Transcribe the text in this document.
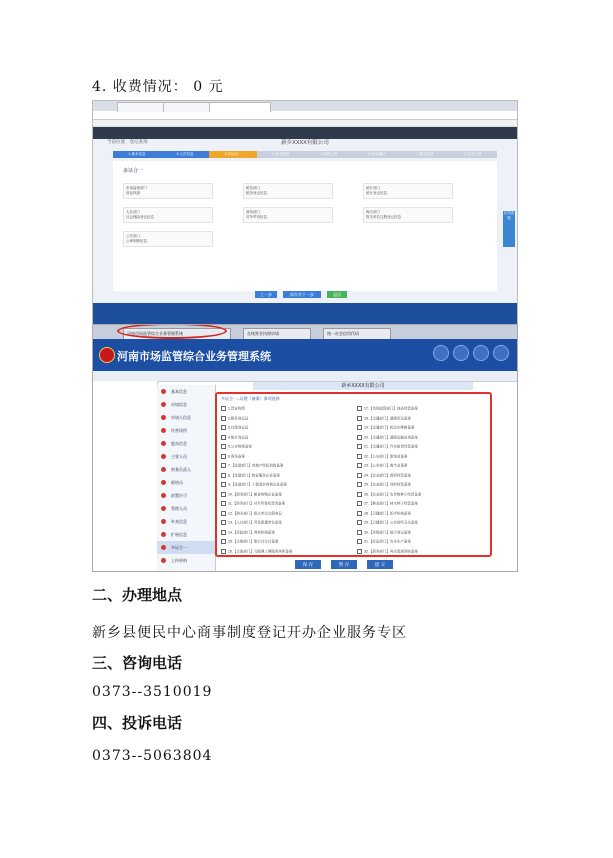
4. 收费情况： 0 元
当前位置：登记查询	新乡XXXX有限公司
1.基本信息	2.人员信息	3.多证合一	4.补充信息	5.材料上传	6.信息确认	7.提交申请	8.文书下载
多证合一
市场监督部门
营业执照
税务部门
税务登记信息
统计部门
统计登记信息
人社部门
社会保险登记信息
商务部门
对外贸易信息
海关部门
报关单位注册登记信息
公安部门
公章刻制信息
上一步	保存并下一步	返回
在线客服
河南市场监管综合业务管理系统	在线营业执照申请	统一社会信用代码
河南市场监管综合业务管理系统
新乡XXXX有限公司
基本信息
申请信息
申请人信息
经营场所
股东信息
主要人员
财务负责人
联络员
前置许可
管理人员
补充信息
扩展信息
多证合一
上传材料
多证合一--证照（备案）事项选择
1.营业执照
2.税务登记证
3.社保登记证
4.统计登记证
5.公安刻章备案
6.商务备案
7.【住建部门】房地产经纪机构备案
8.【住建部门】物业服务企业备案
9.【住建部门】工程造价咨询企业备案
10.【商务部门】粮食收购企业备案
11.【商务部门】对外贸易经营者备案
12.【海关部门】报关单位注册登记
13.【人社部门】劳务派遣单位备案
14.【民政部门】养老机构备案
15.【文旅部门】旅行社分社备案
16.【文旅部门】互联网上网服务场所备案
17.【市场监管部门】食品经营备案
18.【交通部门】道路货运备案
19.【交通部门】机动车维修备案
20.【交通部门】道路运输站场备案
21.【交通部门】汽车租赁经营备案
22.【公安部门】旅馆业备案
23.【公安部门】典当业备案
24.【农业部门】兽药经营备案
25.【农业部门】饲料经营备案
26.【农业部门】农作物种子经营备案
27.【林业部门】林木种子经营备案
28.【卫健部门】医疗机构备案
29.【卫健部门】公共场所卫生备案
30.【环保部门】排污登记备案
31.【应急部门】安全生产备案
32.【商务部门】再生资源回收备案
保 存	暂 存	提 交
二、办理地点
新乡县便民中心商事制度登记开办企业服务专区
三、咨询电话
0373--3510019
四、投诉电话
0373--5063804
